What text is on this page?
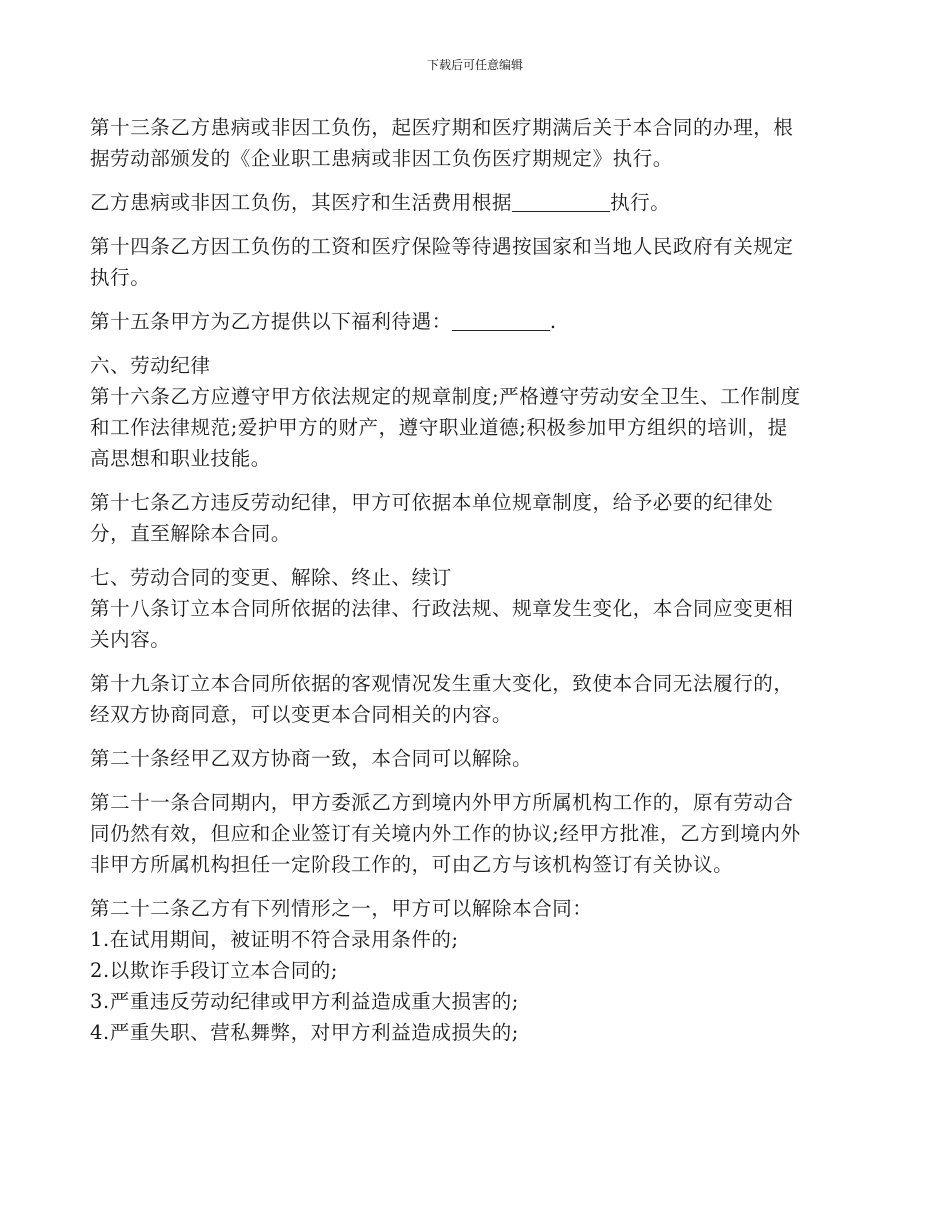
下载后可任意编辑

第十三条乙方患病或非因工负伤，起医疗期和医疗期满后关于本合同的办理，根
据劳动部颁发的《企业职工患病或非因工负伤医疗期规定》执行。

乙方患病或非因工负伤，其医疗和生活费用根据	执行。

第十四条乙方因工负伤的工资和医疗保险等待遇按国家和当地人民政府有关规定
执行。

第十五条甲方为乙方提供以下福利待遇：	.

六、劳动纪律
第十六条乙方应遵守甲方依法规定的规章制度;严格遵守劳动安全卫生、工作制度
和工作法律规范;爱护甲方的财产，遵守职业道德;积极参加甲方组织的培训，提
高思想和职业技能。

第十七条乙方违反劳动纪律，甲方可依据本单位规章制度，给予必要的纪律处
分，直至解除本合同。

七、劳动合同的变更、解除、终止、续订
第十八条订立本合同所依据的法律、行政法规、规章发生变化，本合同应变更相
关内容。

第十九条订立本合同所依据的客观情况发生重大变化，致使本合同无法履行的，
经双方协商同意，可以变更本合同相关的内容。

第二十条经甲乙双方协商一致，本合同可以解除。

第二十一条合同期内，甲方委派乙方到境内外甲方所属机构工作的，原有劳动合
同仍然有效，但应和企业签订有关境内外工作的协议;经甲方批准，乙方到境内外
非甲方所属机构担任一定阶段工作的，可由乙方与该机构签订有关协议。

第二十二条乙方有下列情形之一，甲方可以解除本合同：
1.在试用期间，被证明不符合录用条件的;
2.以欺诈手段订立本合同的;
3.严重违反劳动纪律或甲方利益造成重大损害的;
4.严重失职、营私舞弊，对甲方利益造成损失的;
